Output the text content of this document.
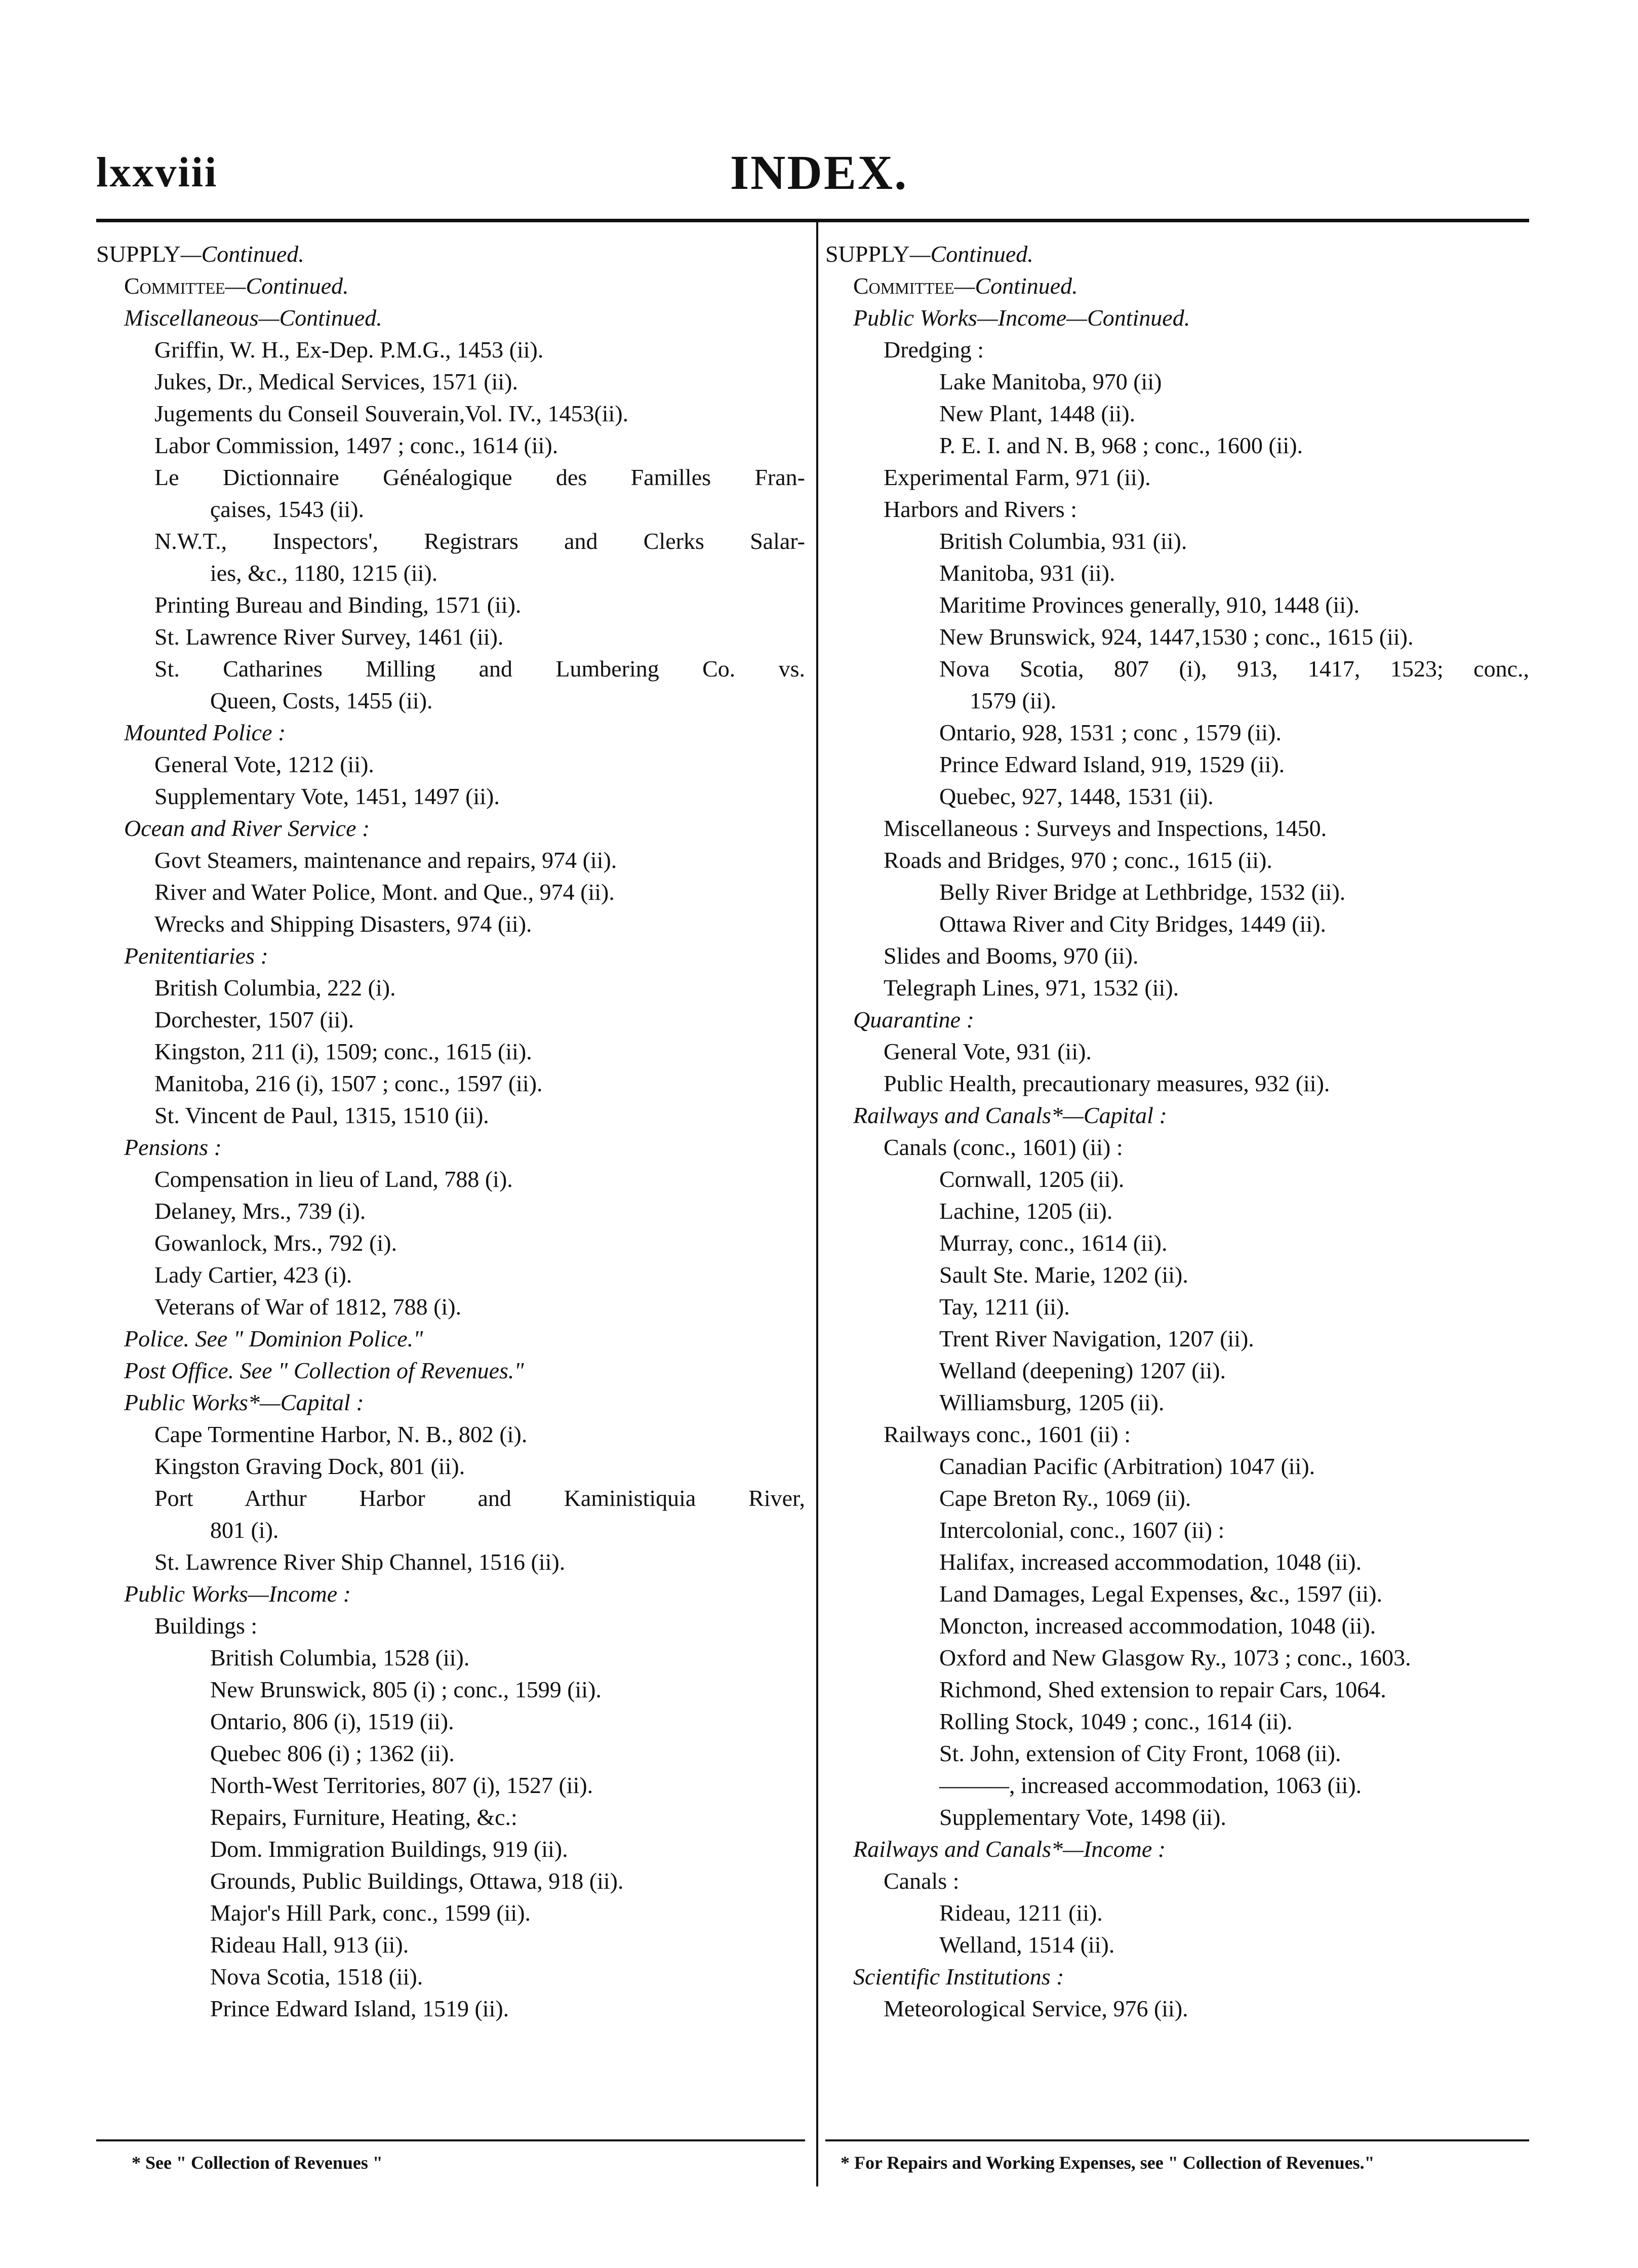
lxxviii	INDEX.
SUPPLY—Continued.
Committee—Continued.
Miscellaneous—Continued.
Griffin, W. H., Ex-Dep. P.M.G., 1453 (ii).
Jukes, Dr., Medical Services, 1571 (ii).
Jugements du Conseil Souverain,Vol. IV., 1453(ii).
Labor Commission, 1497 ; conc., 1614 (ii).
Le Dictionnaire Généalogique des Familles Fran-
çaises, 1543 (ii).
N.W.T., Inspectors', Registrars and Clerks Salar-
ies, &c., 1180, 1215 (ii).
Printing Bureau and Binding, 1571 (ii).
St. Lawrence River Survey, 1461 (ii).
St. Catharines Milling and Lumbering Co. vs.
Queen, Costs, 1455 (ii).
Mounted Police :
General Vote, 1212 (ii).
Supplementary Vote, 1451, 1497 (ii).
Ocean and River Service :
Govt Steamers, maintenance and repairs, 974 (ii).
River and Water Police, Mont. and Que., 974 (ii).
Wrecks and Shipping Disasters, 974 (ii).
Penitentiaries :
British Columbia, 222 (i).
Dorchester, 1507 (ii).
Kingston, 211 (i), 1509; conc., 1615 (ii).
Manitoba, 216 (i), 1507 ; conc., 1597 (ii).
St. Vincent de Paul, 1315, 1510 (ii).
Pensions :
Compensation in lieu of Land, 788 (i).
Delaney, Mrs., 739 (i).
Gowanlock, Mrs., 792 (i).
Lady Cartier, 423 (i).
Veterans of War of 1812, 788 (i).
Police. See " Dominion Police."
Post Office. See " Collection of Revenues."
Public Works*—Capital :
Cape Tormentine Harbor, N. B., 802 (i).
Kingston Graving Dock, 801 (ii).
Port Arthur Harbor and Kaministiquia River,
801 (i).
St. Lawrence River Ship Channel, 1516 (ii).
Public Works—Income :
Buildings :
British Columbia, 1528 (ii).
New Brunswick, 805 (i) ; conc., 1599 (ii).
Ontario, 806 (i), 1519 (ii).
Quebec 806 (i) ; 1362 (ii).
North-West Territories, 807 (i), 1527 (ii).
Repairs, Furniture, Heating, &c.:
Dom. Immigration Buildings, 919 (ii).
Grounds, Public Buildings, Ottawa, 918 (ii).
Major's Hill Park, conc., 1599 (ii).
Rideau Hall, 913 (ii).
Nova Scotia, 1518 (ii).
Prince Edward Island, 1519 (ii).
SUPPLY—Continued.
Committee—Continued.
Public Works—Income—Continued.
Dredging :
Lake Manitoba, 970 (ii)
New Plant, 1448 (ii).
P. E. I. and N. B, 968 ; conc., 1600 (ii).
Experimental Farm, 971 (ii).
Harbors and Rivers :
British Columbia, 931 (ii).
Manitoba, 931 (ii).
Maritime Provinces generally, 910, 1448 (ii).
New Brunswick, 924, 1447,1530 ; conc., 1615 (ii).
Nova Scotia, 807 (i), 913, 1417, 1523; conc.,
1579 (ii).
Ontario, 928, 1531 ; conc , 1579 (ii).
Prince Edward Island, 919, 1529 (ii).
Quebec, 927, 1448, 1531 (ii).
Miscellaneous : Surveys and Inspections, 1450.
Roads and Bridges, 970 ; conc., 1615 (ii).
Belly River Bridge at Lethbridge, 1532 (ii).
Ottawa River and City Bridges, 1449 (ii).
Slides and Booms, 970 (ii).
Telegraph Lines, 971, 1532 (ii).
Quarantine :
General Vote, 931 (ii).
Public Health, precautionary measures, 932 (ii).
Railways and Canals*—Capital :
Canals (conc., 1601) (ii) :
Cornwall, 1205 (ii).
Lachine, 1205 (ii).
Murray, conc., 1614 (ii).
Sault Ste. Marie, 1202 (ii).
Tay, 1211 (ii).
Trent River Navigation, 1207 (ii).
Welland (deepening) 1207 (ii).
Williamsburg, 1205 (ii).
Railways conc., 1601 (ii) :
Canadian Pacific (Arbitration) 1047 (ii).
Cape Breton Ry., 1069 (ii).
Intercolonial, conc., 1607 (ii) :
Halifax, increased accommodation, 1048 (ii).
Land Damages, Legal Expenses, &c., 1597 (ii).
Moncton, increased accommodation, 1048 (ii).
Oxford and New Glasgow Ry., 1073 ; conc., 1603.
Richmond, Shed extension to repair Cars, 1064.
Rolling Stock, 1049 ; conc., 1614 (ii).
St. John, extension of City Front, 1068 (ii).
———, increased accommodation, 1063 (ii).
Supplementary Vote, 1498 (ii).
Railways and Canals*—Income :
Canals :
Rideau, 1211 (ii).
Welland, 1514 (ii).
Scientific Institutions :
Meteorological Service, 976 (ii).
* See " Collection of Revenues "	* For Repairs and Working Expenses, see " Collection of Revenues."
